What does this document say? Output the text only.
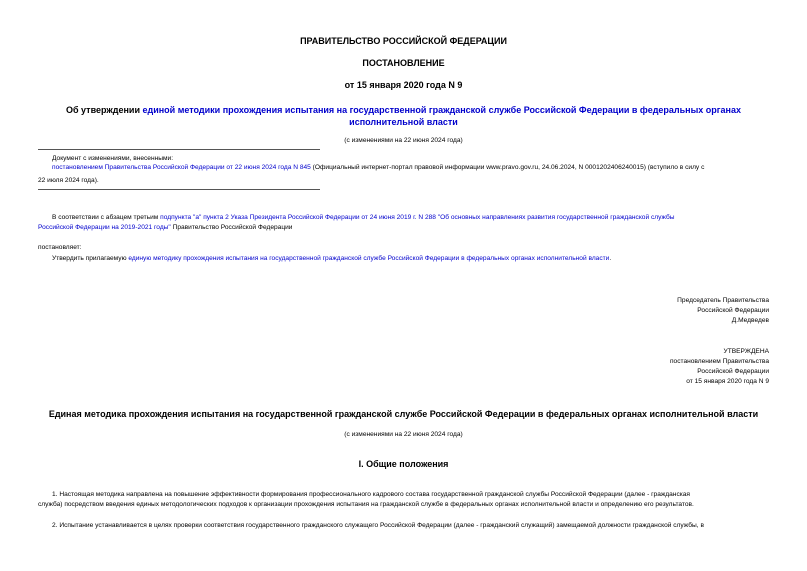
ПРАВИТЕЛЬСТВО РОССИЙСКОЙ ФЕДЕРАЦИИ
ПОСТАНОВЛЕНИЕ
от 15 января 2020 года N 9
Об утверждении единой методики прохождения испытания на государственной гражданской службе Российской Федерации в федеральных органах
исполнительной власти
(с изменениями на 22 июня 2024 года)
Документ с изменениями, внесенными:
постановлением Правительства Российской Федерации от 22 июня 2024 года N 845 (Официальный интернет-портал правовой информации www.pravo.gov.ru, 24.06.2024, N 0001202406240015) (вступило в силу с
22 июля 2024 года).
В соответствии с абзацем третьим подпункта "а" пункта 2 Указа Президента Российской Федерации от 24 июня 2019 г. N 288 "Об основных направлениях развития государственной гражданской службы
Российской Федерации на 2019-2021 годы" Правительство Российской Федерации
постановляет:
Утвердить прилагаемую единую методику прохождения испытания на государственной гражданской службе Российской Федерации в федеральных органах исполнительной власти.
Председатель Правительства
Российской Федерации
Д.Медведев
УТВЕРЖДЕНА
постановлением Правительства
Российской Федерации
от 15 января 2020 года N 9
Единая методика прохождения испытания на государственной гражданской службе Российской Федерации в федеральных органах исполнительной власти
(с изменениями на 22 июня 2024 года)
I. Общие положения
1. Настоящая методика направлена на повышение эффективности формирования профессионального кадрового состава государственной гражданской службы Российской Федерации (далее - гражданская
служба) посредством введения единых методологических подходов к организации прохождения испытания на гражданской службе в федеральных органах исполнительной власти и определению его результатов.
2. Испытание устанавливается в целях проверки соответствия государственного гражданского служащего Российской Федерации (далее - гражданский служащий) замещаемой должности гражданской службы, в
